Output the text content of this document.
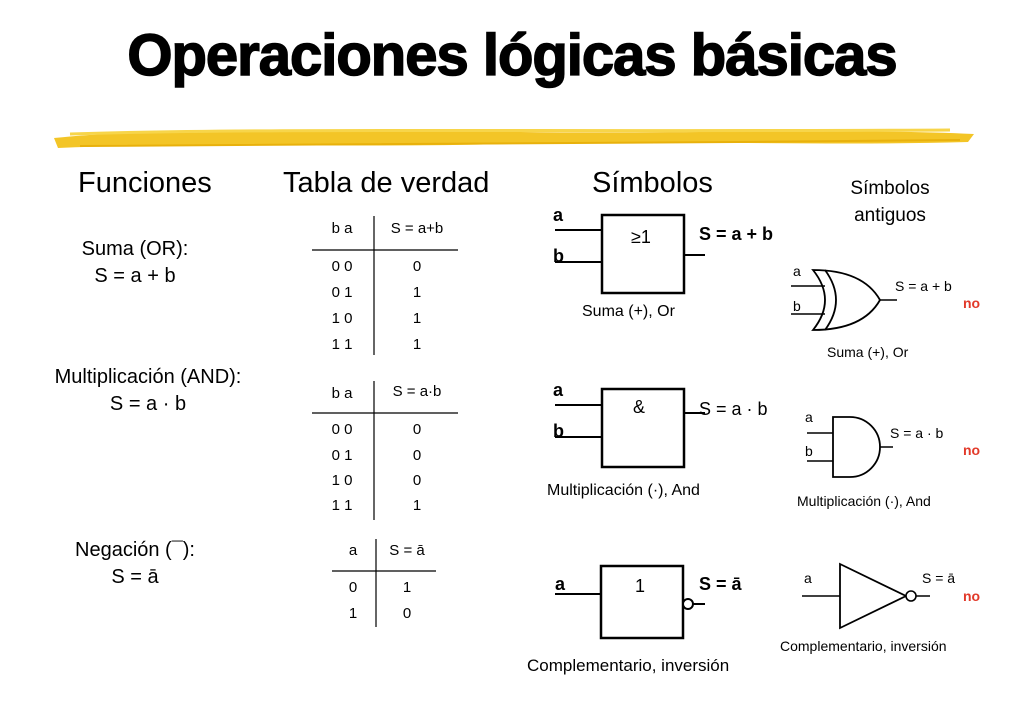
Operaciones lógicas básicas
Funciones Tabla de verdad	Símbolos	Símbolos
antiguos
Suma (OR):
S = a + b
Multiplicación (AND):
S = a · b
Negación (¯):
S = ā
b a	S = a+b
0 0	0
0 1	1
1 0	1
1 1	1
b a	S = a·b
0 0	0
0 1	0
1 0	0
1 1	1
a	S = ā
0	1
1	0
a
b
≥1	S = a + b
Suma (+), Or
a
b
&	S = a · b
Multiplicación (·), And
a	1	S = ā
Complementario, inversión
a
b
S = a + b
no
Suma (+), Or
a
b
S = a · b
no
Multiplicación (·), And
a	S = ā
no
Complementario, inversión
